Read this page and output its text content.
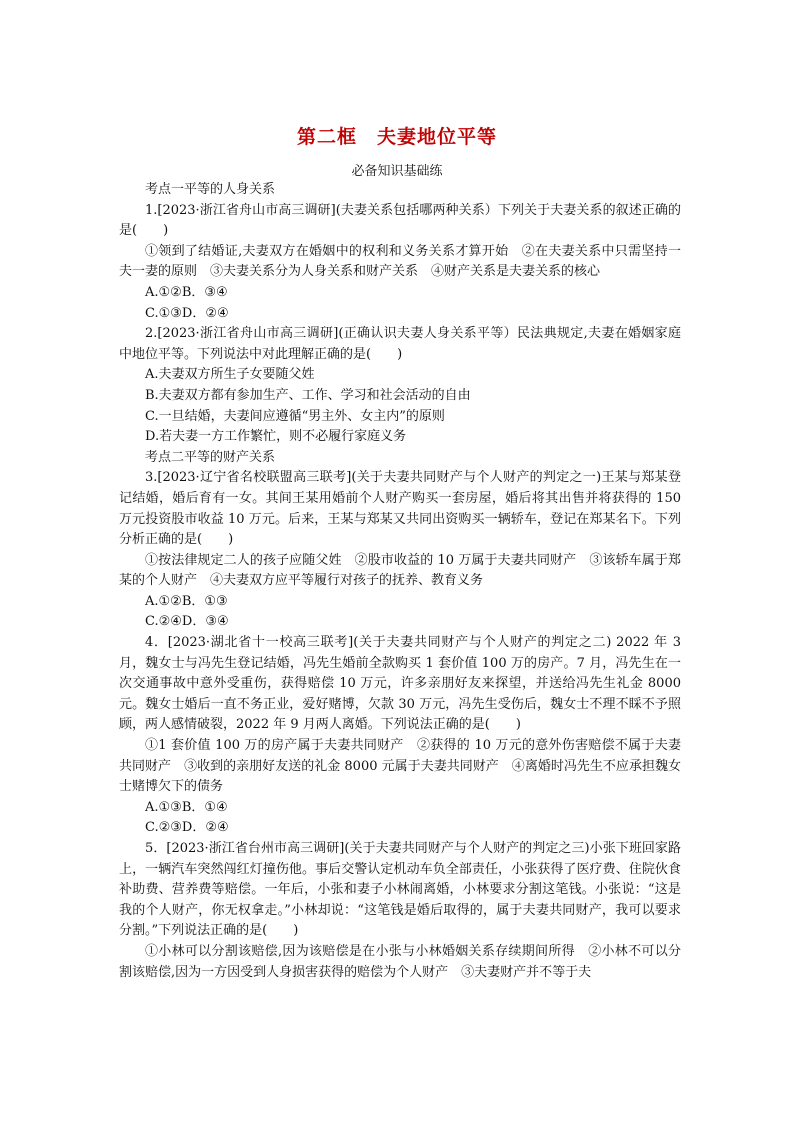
第二框　夫妻地位平等
必备知识基础练

考点一平等的人身关系

1.[2023·浙江省舟山市高三调研](夫妻关系包括哪两种关系）下列关于夫妻关系的叙述正确的是(　　)

①领到了结婚证,夫妻双方在婚姻中的权利和义务关系才算开始　②在夫妻关系中只需坚持一夫一妻的原则　③夫妻关系分为人身关系和财产关系　④财产关系是夫妻关系的核心

A.①②B．③④

C.①③D．②④

2.[2023·浙江省舟山市高三调研](正确认识夫妻人身关系平等）民法典规定,夫妻在婚姻家庭中地位平等。下列说法中对此理解正确的是(　　)

A.夫妻双方所生子女要随父姓

B.夫妻双方都有参加生产、工作、学习和社会活动的自由

C.一旦结婚，夫妻间应遵循“男主外、女主内”的原则

D.若夫妻一方工作繁忙，则不必履行家庭义务

考点二平等的财产关系

3.[2023·辽宁省名校联盟高三联考](关于夫妻共同财产与个人财产的判定之一)王某与郑某登记结婚，婚后育有一女。其间王某用婚前个人财产购买一套房屋，婚后将其出售并将获得的 150 万元投资股市收益 10 万元。后来，王某与郑某又共同出资购买一辆轿车，登记在郑某名下。下列分析正确的是(　　)

①按法律规定二人的孩子应随父姓　②股市收益的 10 万属于夫妻共同财产　③该轿车属于郑某的个人财产　④夫妻双方应平等履行对孩子的抚养、教育义务

A.①②B．①③

C.②④D．③④

4．[2023·湖北省十一校高三联考](关于夫妻共同财产与个人财产的判定之二) 2022 年 3 月，魏女士与冯先生登记结婚，冯先生婚前全款购买 1 套价值 100 万的房产。7 月，冯先生在一次交通事故中意外受重伤，获得赔偿 10 万元，许多亲朋好友来探望，并送给冯先生礼金 8000 元。魏女士婚后一直不务正业，爱好赌博，欠款 30 万元，冯先生受伤后，魏女士不理不睬不予照顾，两人感情破裂，2022 年 9 月两人离婚。下列说法正确的是(　　)

①1 套价值 100 万的房产属于夫妻共同财产　②获得的 10 万元的意外伤害赔偿不属于夫妻共同财产　③收到的亲朋好友送的礼金 8000 元属于夫妻共同财产　④离婚时冯先生不应承担魏女士赌博欠下的债务

A.①③B．①④

C.②③D．②④

5．[2023·浙江省台州市高三调研](关于夫妻共同财产与个人财产的判定之三)小张下班回家路上，一辆汽车突然闯红灯撞伤他。事后交警认定机动车负全部责任，小张获得了医疗费、住院伙食补助费、营养费等赔偿。一年后，小张和妻子小林闹离婚，小林要求分割这笔钱。小张说：“这是我的个人财产，你无权拿走。”小林却说：“这笔钱是婚后取得的，属于夫妻共同财产，我可以要求分割。”下列说法正确的是(　　)

①小林可以分割该赔偿,因为该赔偿是在小张与小林婚姻关系存续期间所得　②小林不可以分割该赔偿,因为一方因受到人身损害获得的赔偿为个人财产　③夫妻财产并不等于夫
